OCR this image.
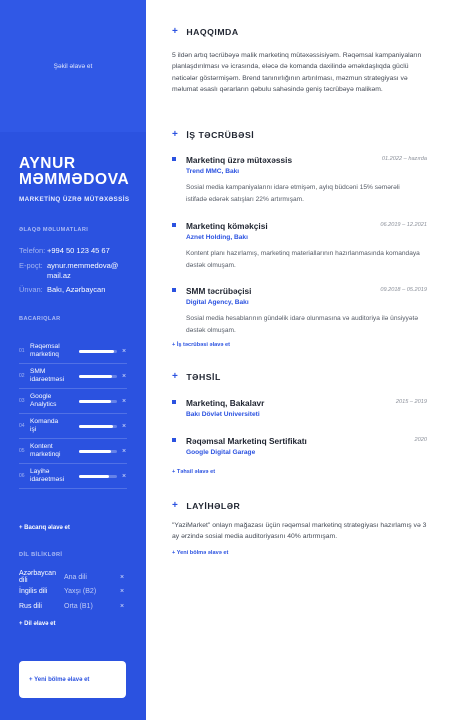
Şəkil əlavə et
AYNUR
MƏMMƏDOVA
MARKETİNQ ÜZRƏ MÜTƏXƏSSİS
ƏLAQƏ MƏLUMATLARI
Telefon: +994 50 123 45 67
E-poçt: aynur.memmedova@
mail.az
Ünvan: Bakı, Azərbaycan
BACARIQLAR
01
Rəqəmsal
marketinq	×
02
SMM
idarəetməsi	×
03
Google
Analytics	×
04
Komanda
işi	×
05
Kontent
marketinqi	×
06
Layihə
idarəetməsi	×
+ Bacarıq əlavə et
DİL BİLİKLƏRİ
Azərbaycan dili	Ana dili	×
İngilis dili	Yaxşı (B2)	×
Rus dili	Orta (B1)	×
+ Dil əlavə et
+ Yeni bölmə əlavə et
+ HAQQIMDA
5 ildən artıq təcrübəyə malik marketinq mütəxəssisiyəm. Rəqəmsal kampaniyaların planlaşdırılması və icrasında, eləcə də komanda daxilində əməkdaşlıqda güclü nəticələr göstərmişəm. Brend tanınırlığının artırılması, məzmun strategiyası və məlumat əsaslı qərarların qəbulu sahəsində geniş təcrübəyə malikəm.
+ İŞ TƏCRÜBƏSİ
Marketinq üzrə mütəxəssis	01.2022 – hazırda
Trend MMC, Bakı
Sosial media kampaniyalarını idarə etmişəm, aylıq büdcəni 15% səmərəli istifadə edərək satışları 22% artırmışam.
Marketinq köməkçisi	06.2019 – 12.2021
Aznet Holding, Bakı
Kontent planı hazırlamış, marketinq materiallarının hazırlanmasında komandaya dəstək olmuşam.
SMM təcrübəçisi	09.2018 – 05.2019
Digital Agency, Bakı
Sosial media hesablarının gündəlik idarə olunmasına və auditoriya ilə ünsiyyətə dəstək olmuşam.
+ İş təcrübəsi əlavə et
+ TƏHSİL
Marketinq, Bakalavr	2015 – 2019
Bakı Dövlət Universiteti
Rəqəmsal Marketinq Sertifikatı	2020
Google Digital Garage
+ Təhsil əlavə et
+ LAYİHƏLƏR
"YaziMarket" onlayn mağazası üçün rəqəmsal marketinq strategiyası hazırlamış və 3 ay ərzində sosial media auditoriyasını 40% artırmışam.
+ Yeni bölmə əlavə et
